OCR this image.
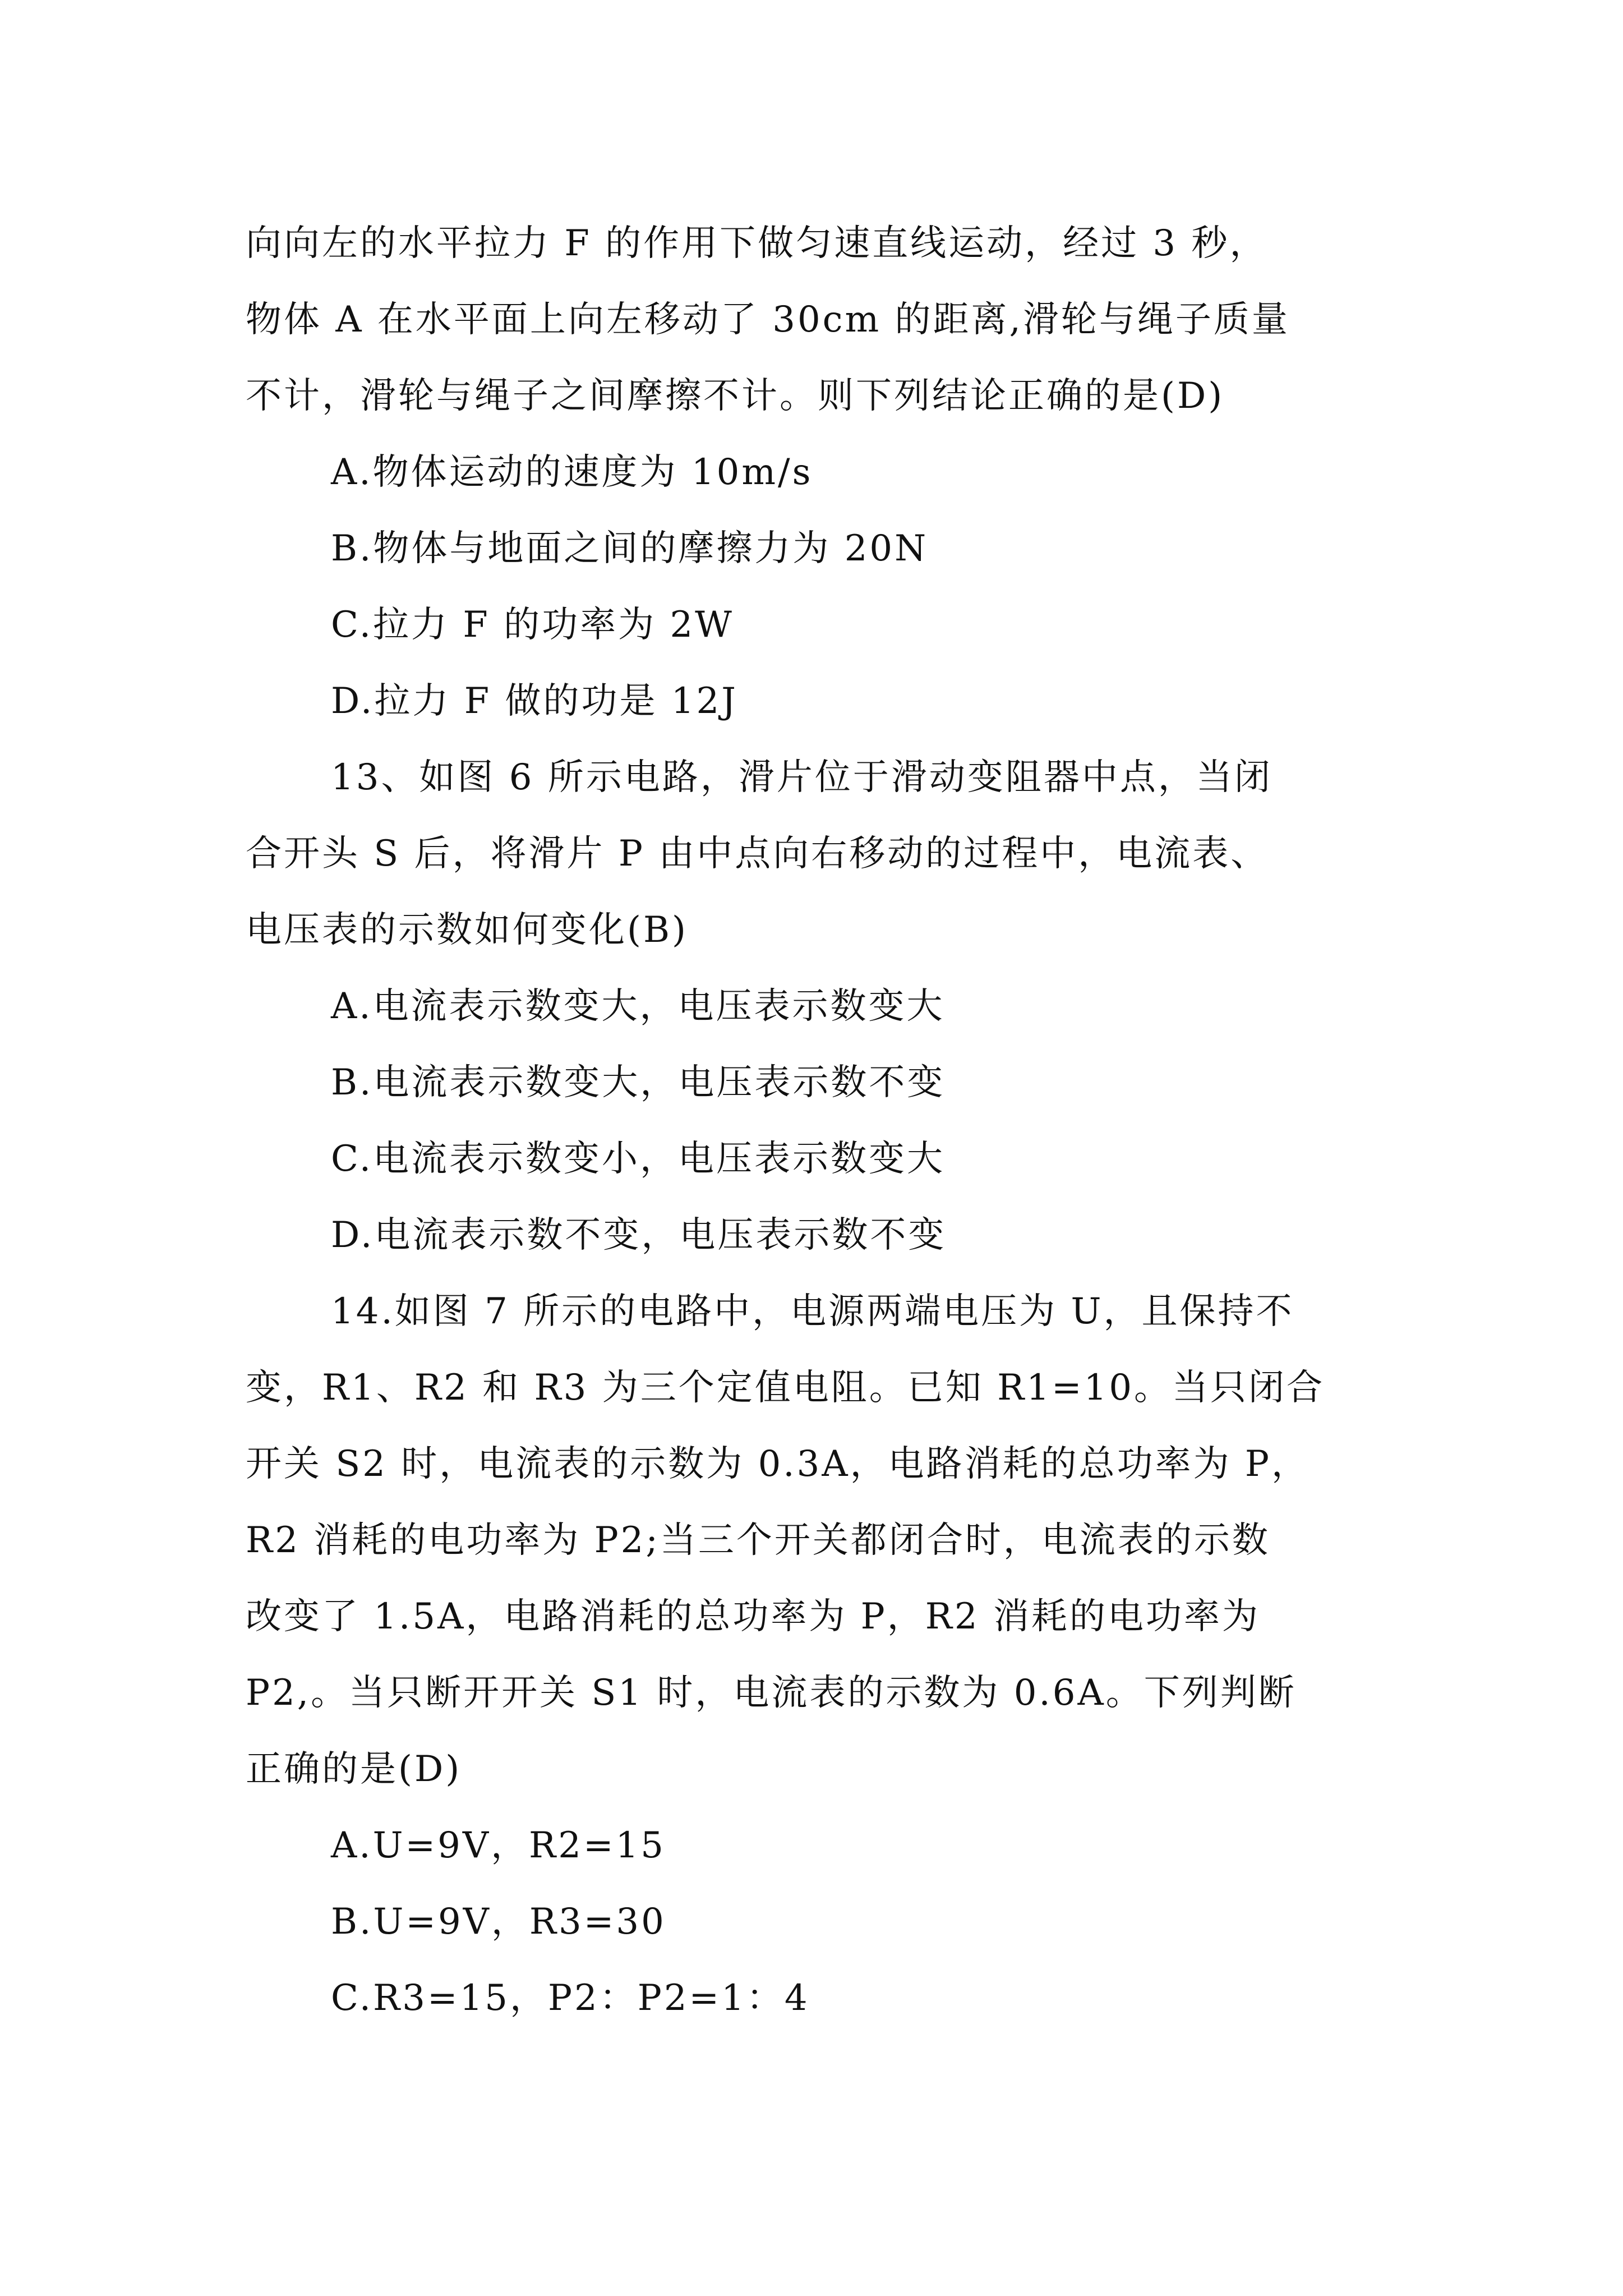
向向左的水平拉力 F 的作用下做匀速直线运动，经过 3 秒，
物体 A 在水平面上向左移动了 30cm 的距离,滑轮与绳子质量
不计，滑轮与绳子之间摩擦不计。则下列结论正确的是(D)
A.物体运动的速度为 10m/s
B.物体与地面之间的摩擦力为 20N
C.拉力 F 的功率为 2W
D.拉力 F 做的功是 12J
13、如图 6 所示电路，滑片位于滑动变阻器中点，当闭
合开头 S 后，将滑片 P 由中点向右移动的过程中，电流表、
电压表的示数如何变化(B)
A.电流表示数变大，电压表示数变大
B.电流表示数变大，电压表示数不变
C.电流表示数变小，电压表示数变大
D.电流表示数不变，电压表示数不变
14.如图 7 所示的电路中，电源两端电压为 U，且保持不
变，R1、R2 和 R3 为三个定值电阻。已知 R1=10。当只闭合
开关 S2 时，电流表的示数为 0.3A，电路消耗的总功率为 P，
R2 消耗的电功率为 P2;当三个开关都闭合时，电流表的示数
改变了 1.5A，电路消耗的总功率为 P，R2 消耗的电功率为
P2,。当只断开开关 S1 时，电流表的示数为 0.6A。下列判断
正确的是(D)
A.U=9V，R2=15
B.U=9V，R3=30
C.R3=15，P2：P2=1：4
